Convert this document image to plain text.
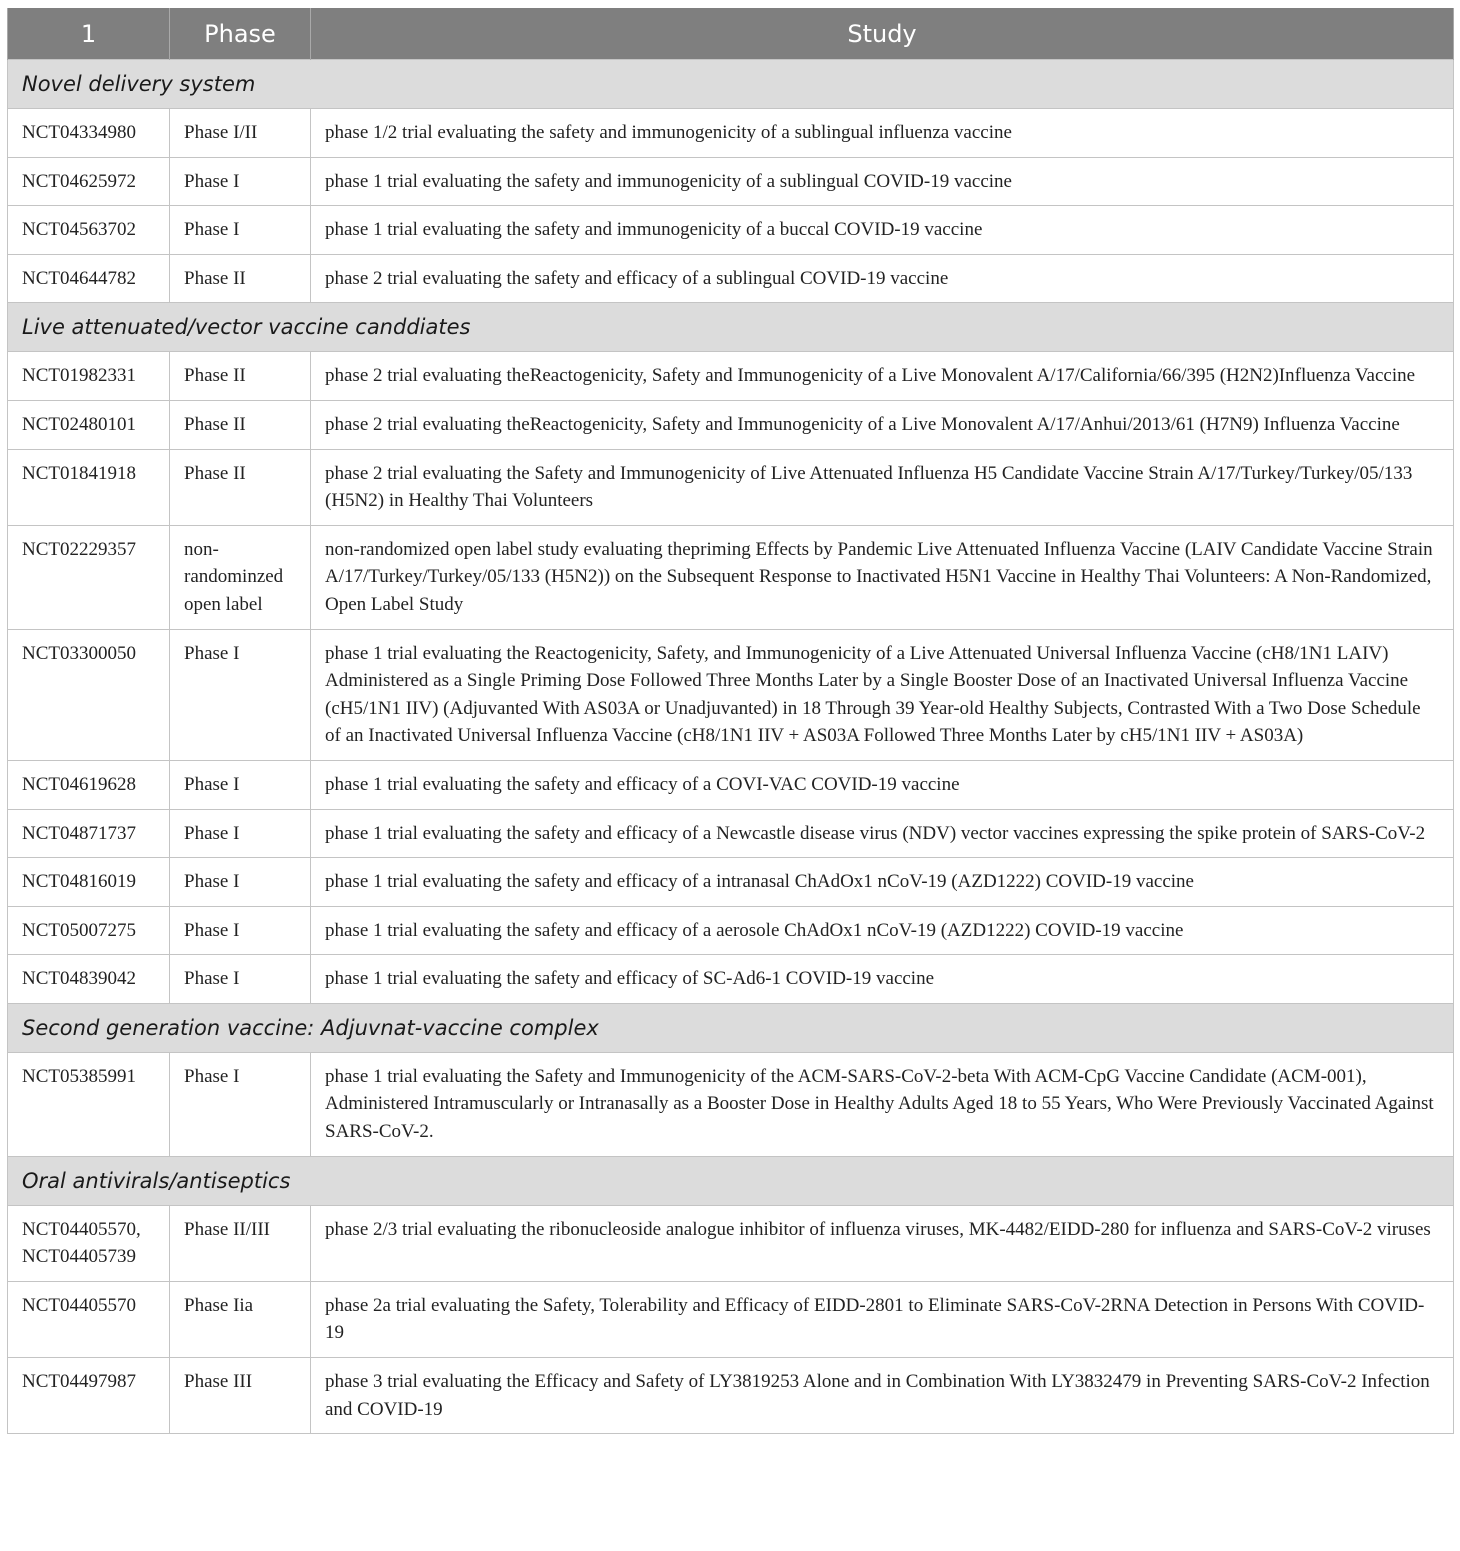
1	Phase	Study
Novel delivery system		
NCT04334980	Phase I/II	phase 1/2 trial evaluating the safety and immunogenicity of a sublingual influenza vaccine
NCT04625972	Phase I	phase 1 trial evaluating the safety and immunogenicity of a sublingual COVID-19 vaccine
NCT04563702	Phase I	phase 1 trial evaluating the safety and immunogenicity of a buccal COVID-19 vaccine
NCT04644782	Phase II	phase 2 trial evaluating the safety and efficacy of a sublingual COVID-19 vaccine
Live attenuated/vector vaccine canddiates		
NCT01982331	Phase II	phase 2 trial evaluating theReactogenicity, Safety and Immunogenicity of a Live Monovalent A/17/California/66/395 (H2N2)Influenza Vaccine
NCT02480101	Phase II	phase 2 trial evaluating theReactogenicity, Safety and Immunogenicity of a Live Monovalent A/17/Anhui/2013/61 (H7N9) Influenza Vaccine
NCT01841918	Phase II	phase 2 trial evaluating the Safety and Immunogenicity of Live Attenuated Influenza H5 Candidate Vaccine Strain A/17/Turkey/Turkey/05/133 (H5N2) in Healthy Thai Volunteers
NCT02229357	non-randominzed open label	non-randomized open label study evaluating thepriming Effects by Pandemic Live Attenuated Influenza Vaccine (LAIV Candidate Vaccine Strain A/17/Turkey/Turkey/05/133 (H5N2)) on the Subsequent Response to Inactivated H5N1 Vaccine in Healthy Thai Volunteers: A Non-Randomized, Open Label Study
NCT03300050	Phase I	phase 1 trial evaluating the Reactogenicity, Safety, and Immunogenicity of a Live Attenuated Universal Influenza Vaccine (cH8/1N1 LAIV) Administered as a Single Priming Dose Followed Three Months Later by a Single Booster Dose of an Inactivated Universal Influenza Vaccine (cH5/1N1 IIV) (Adjuvanted With AS03A or Unadjuvanted) in 18 Through 39 Year-old Healthy Subjects, Contrasted With a Two Dose Schedule of an Inactivated Universal Influenza Vaccine (cH8/1N1 IIV + AS03A Followed Three Months Later by cH5/1N1 IIV + AS03A)
NCT04619628	Phase I	phase 1 trial evaluating the safety and efficacy of a COVI-VAC COVID-19 vaccine
NCT04871737	Phase I	phase 1 trial evaluating the safety and efficacy of a Newcastle disease virus (NDV) vector vaccines expressing the spike protein of SARS-CoV-2
NCT04816019	Phase I	phase 1 trial evaluating the safety and efficacy of a intranasal ChAdOx1 nCoV-19 (AZD1222) COVID-19 vaccine
NCT05007275	Phase I	phase 1 trial evaluating the safety and efficacy of a aerosole ChAdOx1 nCoV-19 (AZD1222) COVID-19 vaccine
NCT04839042	Phase I	phase 1 trial evaluating the safety and efficacy of SC-Ad6-1 COVID-19 vaccine
Second generation vaccine: Adjuvnat-vaccine complex		
NCT05385991	Phase I	phase 1 trial evaluating the Safety and Immunogenicity of the ACM-SARS-CoV-2-beta With ACM-CpG Vaccine Candidate (ACM-001), Administered Intramuscularly or Intranasally as a Booster Dose in Healthy Adults Aged 18 to 55 Years, Who Were Previously Vaccinated Against SARS-CoV-2.
Oral antivirals/antiseptics		
NCT04405570, NCT04405739	Phase II/III	phase 2/3 trial evaluating the ribonucleoside analogue inhibitor of influenza viruses, MK-4482/EIDD-280 for influenza and SARS-CoV-2 viruses
NCT04405570	Phase Iia	phase 2a trial evaluating the Safety, Tolerability and Efficacy of EIDD-2801 to Eliminate SARS-CoV-2RNA Detection in Persons With COVID-19
NCT04497987	Phase III	phase 3 trial evaluating the Efficacy and Safety of LY3819253 Alone and in Combination With LY3832479 in Preventing SARS-CoV-2 Infection and COVID-19
